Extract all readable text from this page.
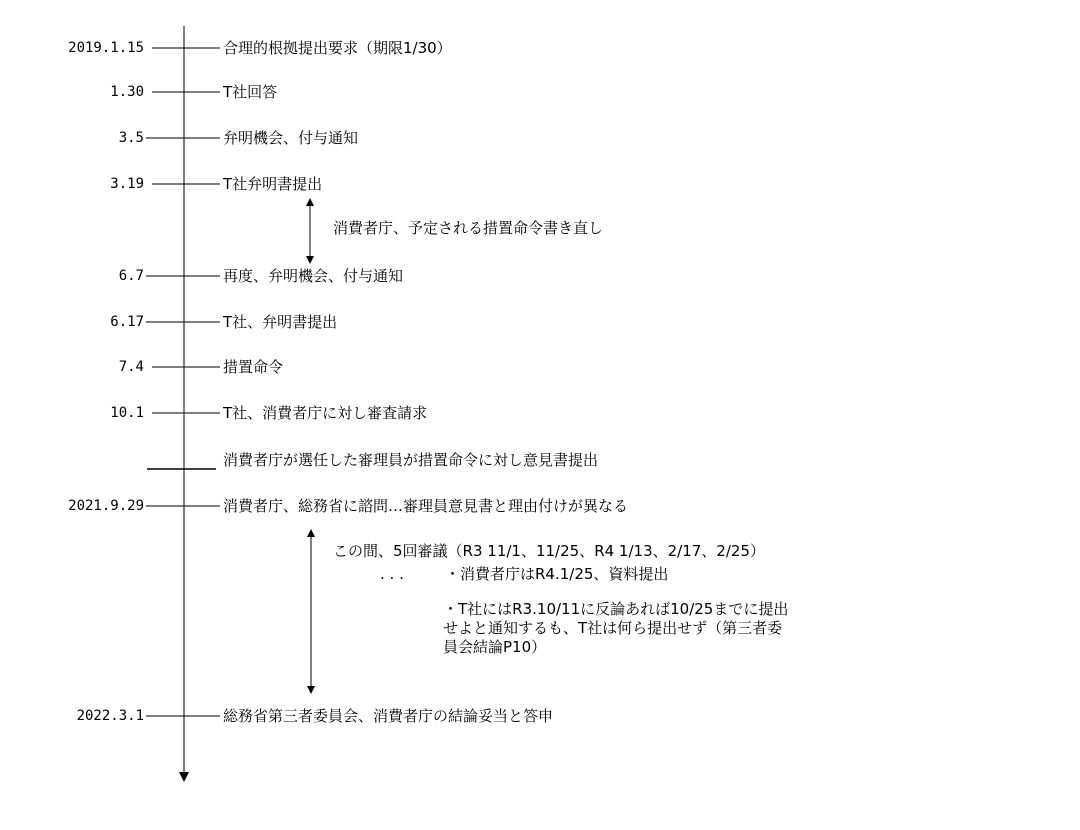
2019.1.15
1.30
3.5
3.19
6.7
6.17
7.4
10.1
2021.9.29
2022.3.1
合理的根拠提出要求（期限1/30）
T社回答
弁明機会、付与通知
T社弁明書提出
再度、弁明機会、付与通知
T社、弁明書提出
措置命令
T社、消費者庁に対し審査請求
消費者庁が選任した審理員が措置命令に対し意見書提出
消費者庁、総務省に諮問…審理員意見書と理由付けが異なる
総務省第三者委員会、消費者庁の結論妥当と答申
消費者庁、予定される措置命令書き直し
この間、5回審議（R3 11/1、11/25、R4 1/13、2/17、2/25）
. . .	・消費者庁はR4.1/25、資料提出
・T社にはR3.10/11に反論あれば10/25までに提出
せよと通知するも、T社は何ら提出せず（第三者委
員会結論P10）
